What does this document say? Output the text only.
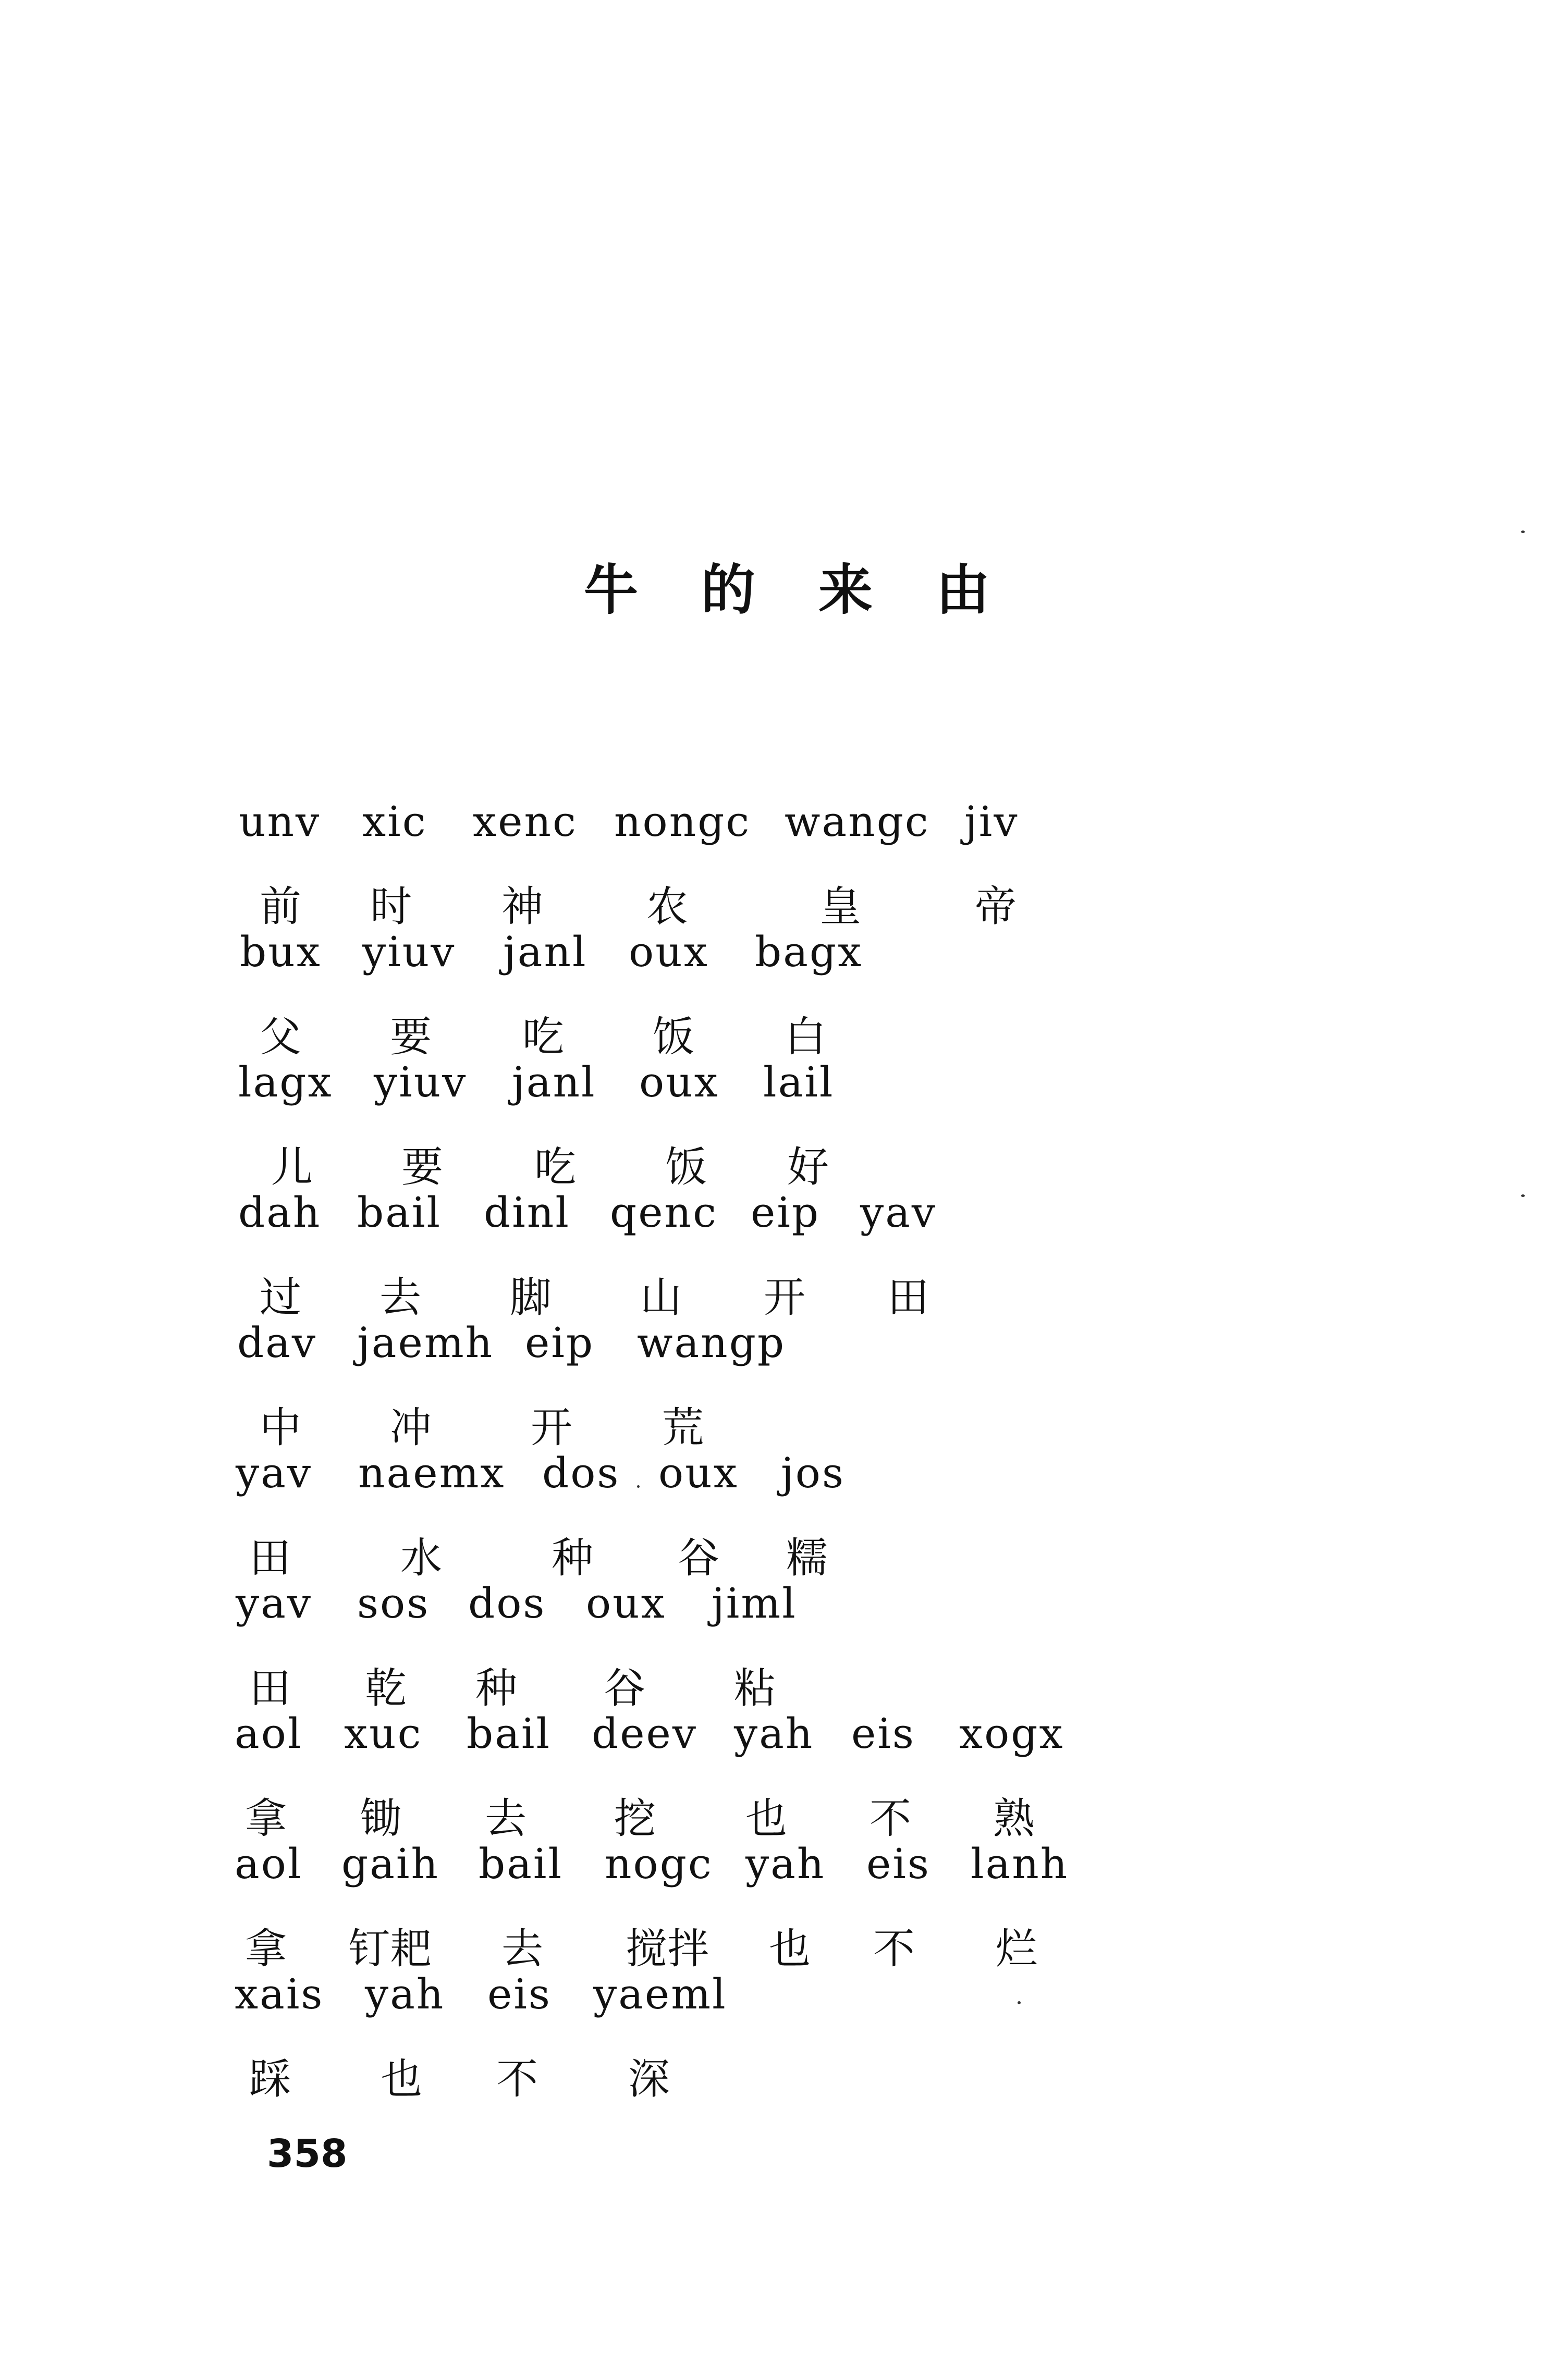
牛 的 来 由
unv xic xenc nongc wangc jiv
前 时 神 农	皇	帝
bux yiuv janl oux bagx
父 要 吃 饭 白
lagx yiuv janl oux lail
儿 要 吃 饭 好
dah bail dinl qenc eip yav
过 去 脚 山 开 田
dav jaemh eip wangp
中 冲 开 荒
yav naemx dos oux jos
田	水	种 谷 糯
yav sos dos oux jiml
田 乾 种 谷 粘
aol xuc bail deev yah eis xogx
拿 锄 去 挖 也 不 熟
aol gaih bail nogc yah eis lanh
拿 钉耙 去 搅拌 也 不 烂
xais yah eis yaeml
踩 也 不 深
358
